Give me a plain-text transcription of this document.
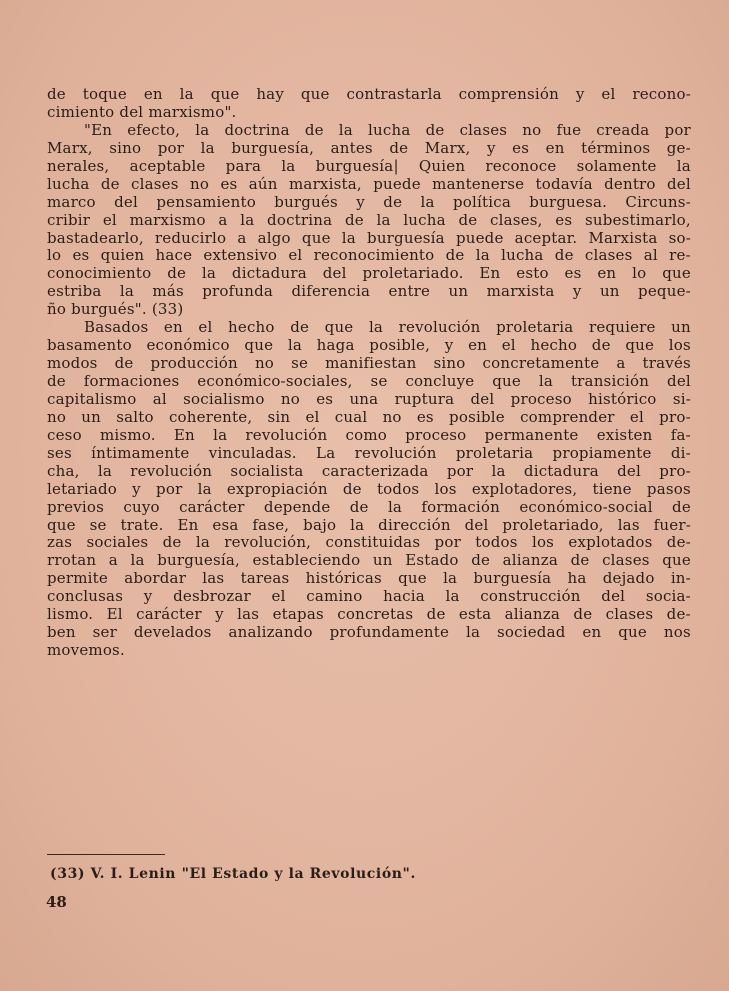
de toque en la que hay que contrastarla comprensión y el recono-
cimiento del marxismo".
"En efecto, la doctrina de la lucha de clases no fue creada por
Marx, sino por la burguesía, antes de Marx, y es en términos ge-
nerales, aceptable para la burguesía| Quien reconoce solamente la
lucha de clases no es aún marxista, puede mantenerse todavía dentro del
marco del pensamiento burgués y de la política burguesa. Circuns-
cribir el marxismo a la doctrina de la lucha de clases, es subestimarlo,
bastadearlo, reducirlo a algo que la burguesía puede aceptar. Marxista so-
lo es quien hace extensivo el reconocimiento de la lucha de clases al re-
conocimiento de la dictadura del proletariado. En esto es en lo que
estriba la más profunda diferencia entre un marxista y un peque-
ño burgués". (33)
Basados en el hecho de que la revolución proletaria requiere un
basamento económico que la haga posible, y en el hecho de que los
modos de producción no se manifiestan sino concretamente a través
de formaciones económico-sociales, se concluye que la transición del
capitalismo al socialismo no es una ruptura del proceso histórico si-
no un salto coherente, sin el cual no es posible comprender el pro-
ceso mismo. En la revolución como proceso permanente existen fa-
ses íntimamente vinculadas. La revolución proletaria propiamente di-
cha, la revolución socialista caracterizada por la dictadura del pro-
letariado y por la expropiación de todos los explotadores, tiene pasos
previos cuyo carácter depende de la formación económico-social de
que se trate. En esa fase, bajo la dirección del proletariado, las fuer-
zas sociales de la revolución, constituidas por todos los explotados de-
rrotan a la burguesía, estableciendo un Estado de alianza de clases que
permite abordar las tareas históricas que la burguesía ha dejado in-
conclusas y desbrozar el camino hacia la construcción del socia-
lismo. El carácter y las etapas concretas de esta alianza de clases de-
ben ser develados analizando profundamente la sociedad en que nos
movemos.
(33) V. I. Lenin "El Estado y la Revolución".
48
